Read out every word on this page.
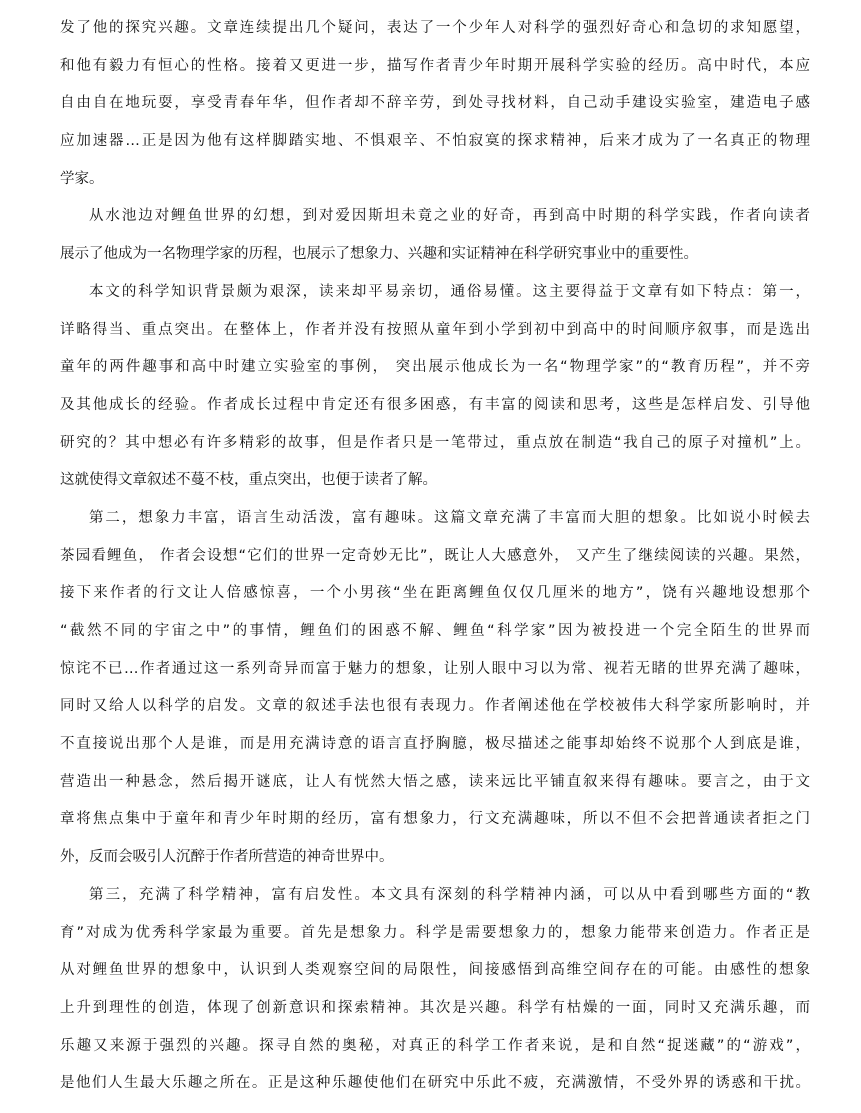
发了他的探究兴趣。文章连续提出几个疑问，表达了一个少年人对科学的强烈好奇心和急切的求知愿望，
和他有毅力有恒心的性格。接着又更进一步，描写作者青少年时期开展科学实验的经历。高中时代，本应
自由自在地玩耍，享受青春年华，但作者却不辞辛劳，到处寻找材料，自己动手建设实验室，建造电子感
应加速器…正是因为他有这样脚踏实地、不惧艰辛、不怕寂寞的探求精神，后来才成为了一名真正的物理
学家。
从水池边对鲤鱼世界的幻想，到对爱因斯坦未竟之业的好奇，再到高中时期的科学实践，作者向读者
展示了他成为一名物理学家的历程，也展示了想象力、兴趣和实证精神在科学研究事业中的重要性。
本文的科学知识背景颇为艰深，读来却平易亲切，通俗易懂。这主要得益于文章有如下特点：第一，
详略得当、重点突出。在整体上，作者并没有按照从童年到小学到初中到高中的时间顺序叙事，而是选出
童年的两件趣事和高中时建立实验室的事例， 突出展示他成长为一名“物理学家”的“教育历程”，并不旁
及其他成长的经验。作者成长过程中肯定还有很多困惑，有丰富的阅读和思考，这些是怎样启发、引导他
研究的？其中想必有许多精彩的故事，但是作者只是一笔带过，重点放在制造“我自己的原子对撞机”上。
这就使得文章叙述不蔓不枝，重点突出，也便于读者了解。
第二，想象力丰富，语言生动活泼，富有趣味。这篇文章充满了丰富而大胆的想象。比如说小时候去
茶园看鲤鱼， 作者会设想“它们的世界一定奇妙无比”，既让人大感意外， 又产生了继续阅读的兴趣。果然，
接下来作者的行文让人倍感惊喜，一个小男孩“坐在距离鲤鱼仅仅几厘米的地方”，饶有兴趣地设想那个
“截然不同的宇宙之中”的事情，鲤鱼们的困惑不解、鲤鱼“科学家”因为被投进一个完全陌生的世界而
惊诧不已…作者通过这一系列奇异而富于魅力的想象，让别人眼中习以为常、视若无睹的世界充满了趣味，
同时又给人以科学的启发。文章的叙述手法也很有表现力。作者阐述他在学校被伟大科学家所影响时，并
不直接说出那个人是谁，而是用充满诗意的语言直抒胸臆，极尽描述之能事却始终不说那个人到底是谁，
营造出一种悬念，然后揭开谜底，让人有恍然大悟之感，读来远比平铺直叙来得有趣味。要言之，由于文
章将焦点集中于童年和青少年时期的经历，富有想象力，行文充满趣味，所以不但不会把普通读者拒之门
外，反而会吸引人沉醉于作者所营造的神奇世界中。
第三，充满了科学精神，富有启发性。本文具有深刻的科学精神内涵，可以从中看到哪些方面的“教
育”对成为优秀科学家最为重要。首先是想象力。科学是需要想象力的，想象力能带来创造力。作者正是
从对鲤鱼世界的想象中，认识到人类观察空间的局限性，间接感悟到高维空间存在的可能。由感性的想象
上升到理性的创造，体现了创新意识和探索精神。其次是兴趣。科学有枯燥的一面，同时又充满乐趣，而
乐趣又来源于强烈的兴趣。探寻自然的奥秘，对真正的科学工作者来说，是和自然“捉迷藏”的“游戏”，
是他们人生最大乐趣之所在。正是这种乐趣使他们在研究中乐此不疲，充满激情，不受外界的诱惑和干扰。
